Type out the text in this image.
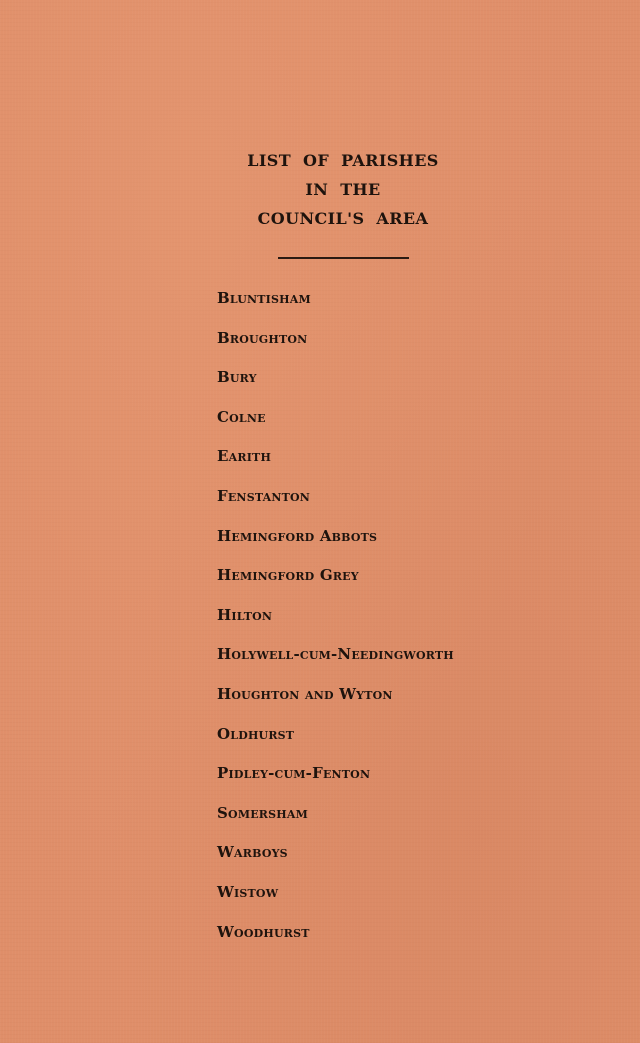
LIST OF PARISHES
IN THE
COUNCIL'S AREA
Bluntisham
Broughton
Bury
Colne
Earith
Fenstanton
Hemingford Abbots
Hemingford Grey
Hilton
Holywell-cum-Needingworth
Houghton and Wyton
Oldhurst
Pidley-cum-Fenton
Somersham
Warboys
Wistow
Woodhurst
